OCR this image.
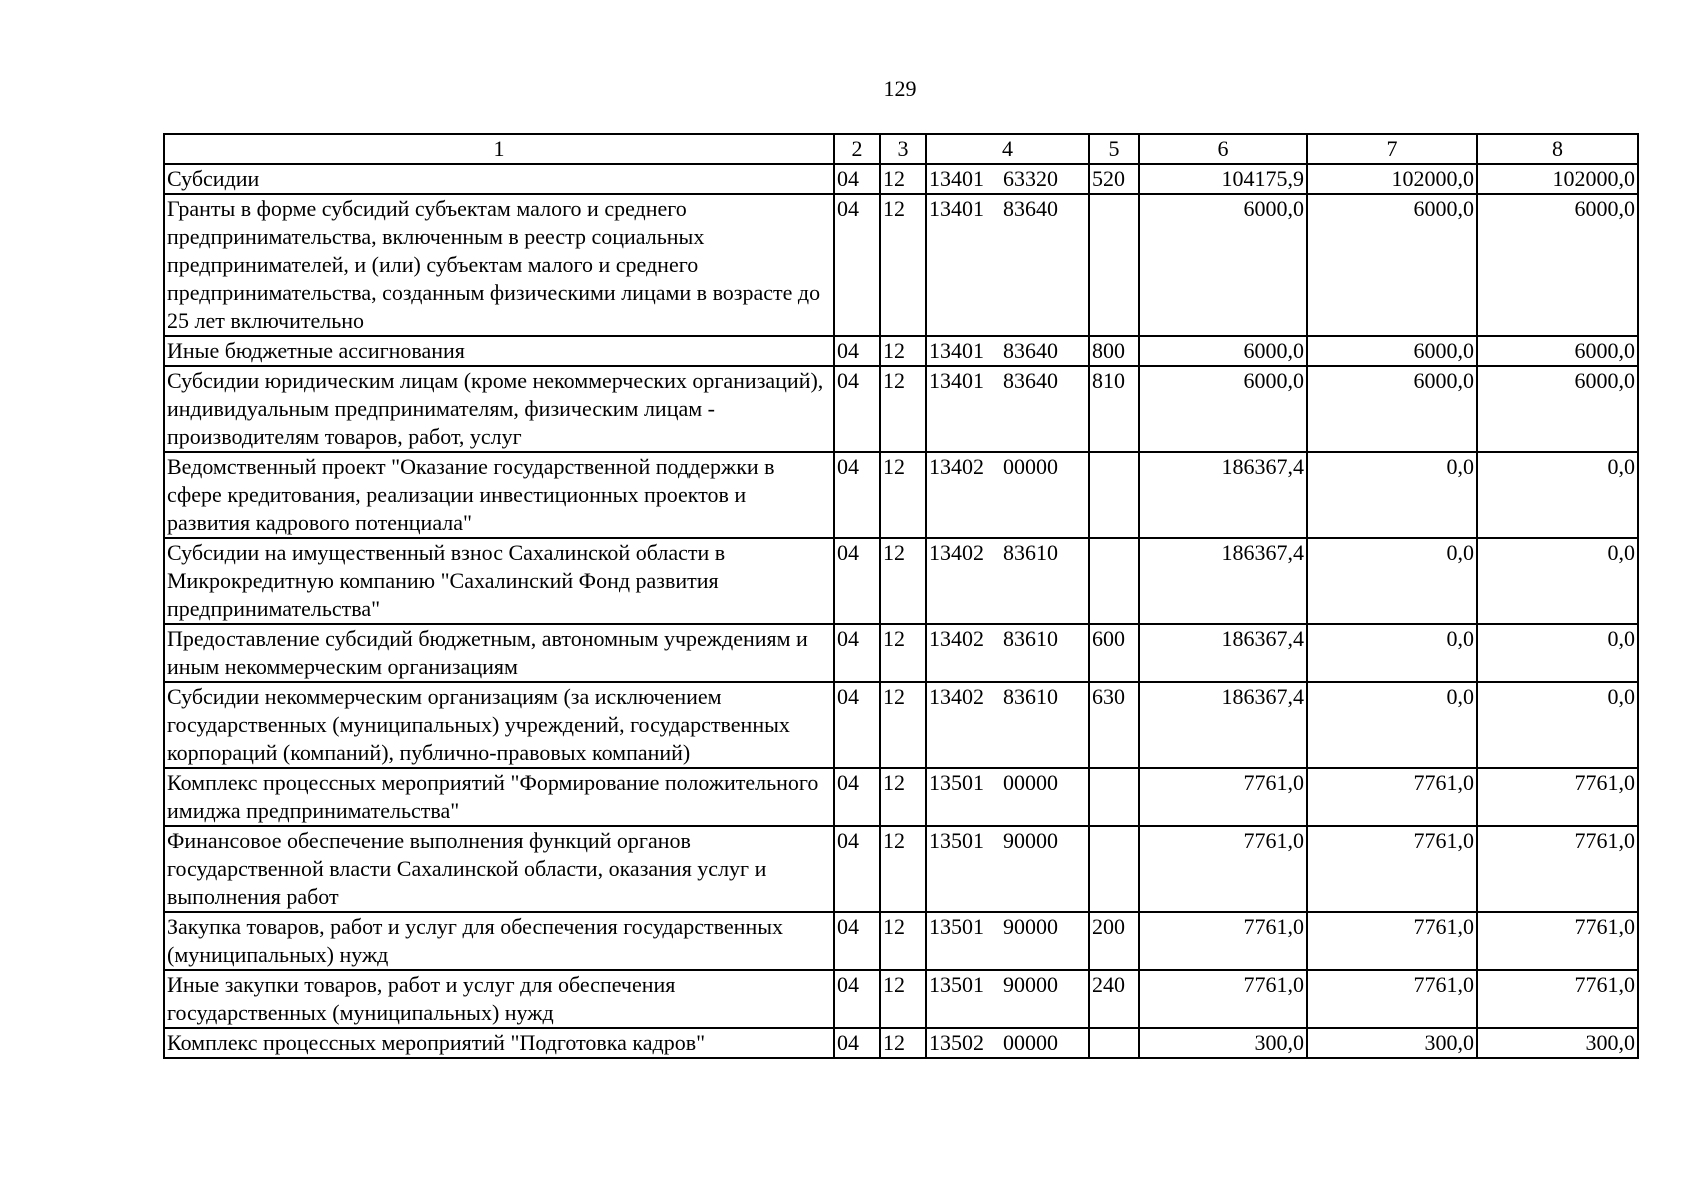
129
1	2	3	4	5	6	7	8
Субсидии	04	12	13401 63320	520	104175,9	102000,0	102000,0
Гранты в форме субсидий субъектам малого и среднего предпринимательства, включенным в реестр социальных предпринимателей, и (или) субъектам малого и среднего предпринимательства, созданным физическими лицами в возрасте до 25 лет включительно	04	12	13401 83640		6000,0	6000,0	6000,0
Иные бюджетные ассигнования	04	12	13401 83640	800	6000,0	6000,0	6000,0
Субсидии юридическим лицам (кроме некоммерческих организаций), индивидуальным предпринимателям, физическим лицам - производителям товаров, работ, услуг	04	12	13401 83640	810	6000,0	6000,0	6000,0
Ведомственный проект "Оказание государственной поддержки в сфере кредитования, реализации инвестиционных проектов и развития кадрового потенциала"	04	12	13402 00000		186367,4	0,0	0,0
Субсидии на имущественный взнос Сахалинской области в Микрокредитную компанию "Сахалинский Фонд развития предпринимательства"	04	12	13402 83610		186367,4	0,0	0,0
Предоставление субсидий бюджетным, автономным учреждениям и иным некоммерческим организациям	04	12	13402 83610	600	186367,4	0,0	0,0
Субсидии некоммерческим организациям (за исключением государственных (муниципальных) учреждений, государственных корпораций (компаний), публично-правовых компаний)	04	12	13402 83610	630	186367,4	0,0	0,0
Комплекс процессных мероприятий "Формирование положительного имиджа предпринимательства"	04	12	13501 00000		7761,0	7761,0	7761,0
Финансовое обеспечение выполнения функций органов государственной власти Сахалинской области, оказания услуг и выполнения работ	04	12	13501 90000		7761,0	7761,0	7761,0
Закупка товаров, работ и услуг для обеспечения государственных (муниципальных) нужд	04	12	13501 90000	200	7761,0	7761,0	7761,0
Иные закупки товаров, работ и услуг для обеспечения государственных (муниципальных) нужд	04	12	13501 90000	240	7761,0	7761,0	7761,0
Комплекс процессных мероприятий "Подготовка кадров"	04	12	13502 00000		300,0	300,0	300,0
